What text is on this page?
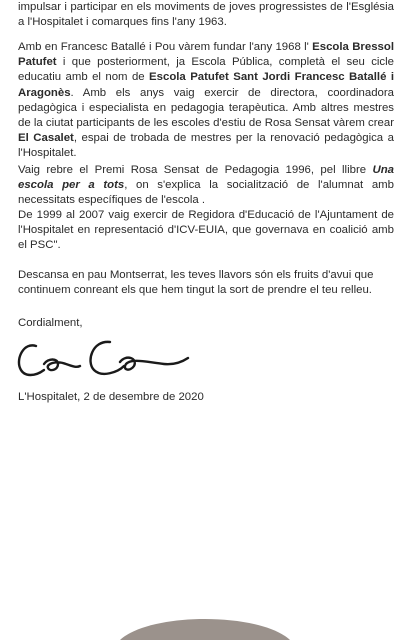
impulsar i participar en els moviments de joves progressistes de l'Església a l'Hospitalet i comarques fins l'any 1963.

Amb en Francesc Batallé i Pou vàrem fundar l'any 1968 l' Escola Bressol Patufet i que posteriorment, ja Escola Pública, completà el seu cicle educatiu amb el nom de Escola Patufet Sant Jordi Francesc Batallé i Aragonès. Amb els anys vaig exercir de directora, coordinadora pedagògica i especialista en pedagogia terapèutica. Amb altres mestres de la ciutat participants de les escoles d'estiu de Rosa Sensat vàrem crear El Casalet, espai de trobada de mestres per la renovació pedagògica a l'Hospitalet.

Vaig rebre el Premi Rosa Sensat de Pedagogia 1996, pel llibre Una escola per a tots, on s'explica la socialització de l'alumnat amb necessitats específiques de l'escola .

De 1999 al 2007 vaig exercir de Regidora d'Educació de l'Ajuntament de l'Hospitalet en representació d'ICV-EUIA, que governava en coalició amb el PSC".

Descansa en pau Montserrat, les teves llavors són els fruits d'avui que continuem conreant els que hem tingut la sort de prendre el teu relleu.

Cordialment,

L'Hospitalet, 2 de desembre de 2020
